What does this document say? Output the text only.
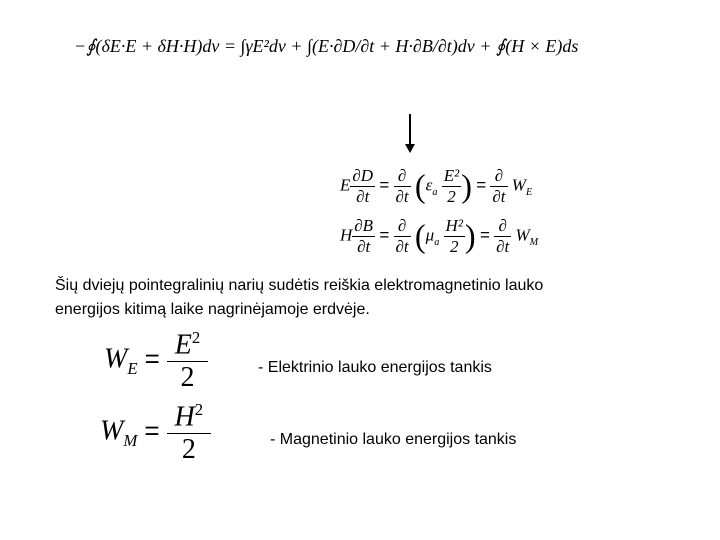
−∮(δE·E + δH·H)dv = ∫γE²dv + ∫(E·∂D/∂t + H·∂B/∂t)dv + ∮(H × E)ds
E $\frac{\partial D}{\partial t} = \frac{\partial}{\partial t} (\varepsilon_a \frac{\text{E²}}{2}$ ) = $\frac{\partial}{\partial t} W_E$
H $\frac{\partial B}{\partial t} = \frac{\partial}{\partial t} (\mu_a \frac{\text{H²}}{2}$ ) = $\frac{\partial}{\partial t} W_M$
Šių dviejų pointegralinių narių sudėtis reiškia elektromagnetinio lauko
energijos kitimą laike nagrinėjamoje erdvėje.
$W_E = \frac{E^2}{2}$	- Elektrinio lauko energijos tankis
$W_M = \frac{H^2}{2}$	- Magnetinio lauko energijos tankis
